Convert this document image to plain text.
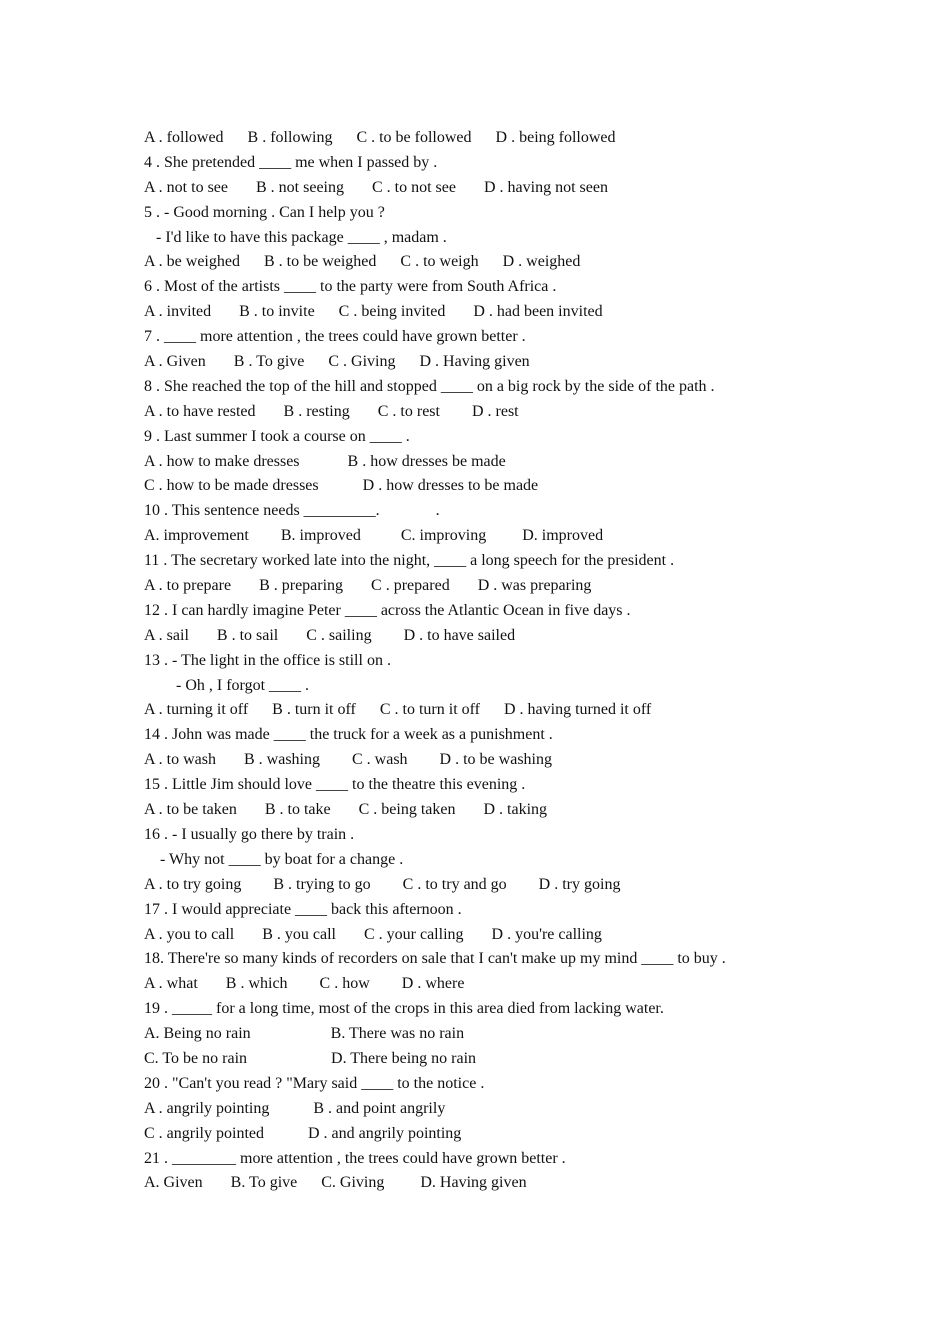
A . followed      B . following      C . to be followed      D . being followed
4 . She pretended ____ me when I passed by .
A . not to see       B . not seeing       C . to not see       D . having not seen
5 . - Good morning . Can I help you ?
- I'd like to have this package ____ , madam .
A . be weighed      B . to be weighed      C . to weigh      D . weighed
6 . Most of the artists ____ to the party were from South Africa .
A . invited       B . to invite      C . being invited       D . had been invited
7 . ____ more attention , the trees could have grown better .
A . Given       B . To give      C . Giving      D . Having given
8 . She reached the top of the hill and stopped ____ on a big rock by the side of the path .
A . to have rested       B . resting       C . to rest        D . rest
9 . Last summer I took a course on ____ .
A . how to make dresses            B . how dresses be made
C . how to be made dresses           D . how dresses to be made
10 . This sentence needs _________.              .
A. improvement        B. improved          C. improving         D. improved
11 . The secretary worked late into the night, ____ a long speech for the president .
A . to prepare       B . preparing       C . prepared       D . was preparing
12 . I can hardly imagine Peter ____ across the Atlantic Ocean in five days .
A . sail       B . to sail       C . sailing        D . to have sailed
13 . - The light in the office is still on .
- Oh , I forgot ____ .
A . turning it off      B . turn it off      C . to turn it off      D . having turned it off
14 . John was made ____ the truck for a week as a punishment .
A . to wash       B . washing        C . wash        D . to be washing
15 . Little Jim should love ____ to the theatre this evening .
A . to be taken       B . to take       C . being taken       D . taking
16 . - I usually go there by train .
- Why not ____ by boat for a change .
A . to try going        B . trying to go        C . to try and go        D . try going
17 . I would appreciate ____ back this afternoon .
A . you to call       B . you call       C . your calling       D . you're calling
18. There're so many kinds of recorders on sale that I can't make up my mind ____ to buy .
A . what       B . which        C . how        D . where
19 . _____ for a long time, most of the crops in this area died from lacking water.
A. Being no rain                    B. There was no rain
C. To be no rain                     D. There being no rain
20 . "Can't you read ? "Mary said ____ to the notice .
A . angrily pointing           B . and point angrily
C . angrily pointed           D . and angrily pointing
21 . ________ more attention , the trees could have grown better .
A. Given       B. To give      C. Giving         D. Having given
